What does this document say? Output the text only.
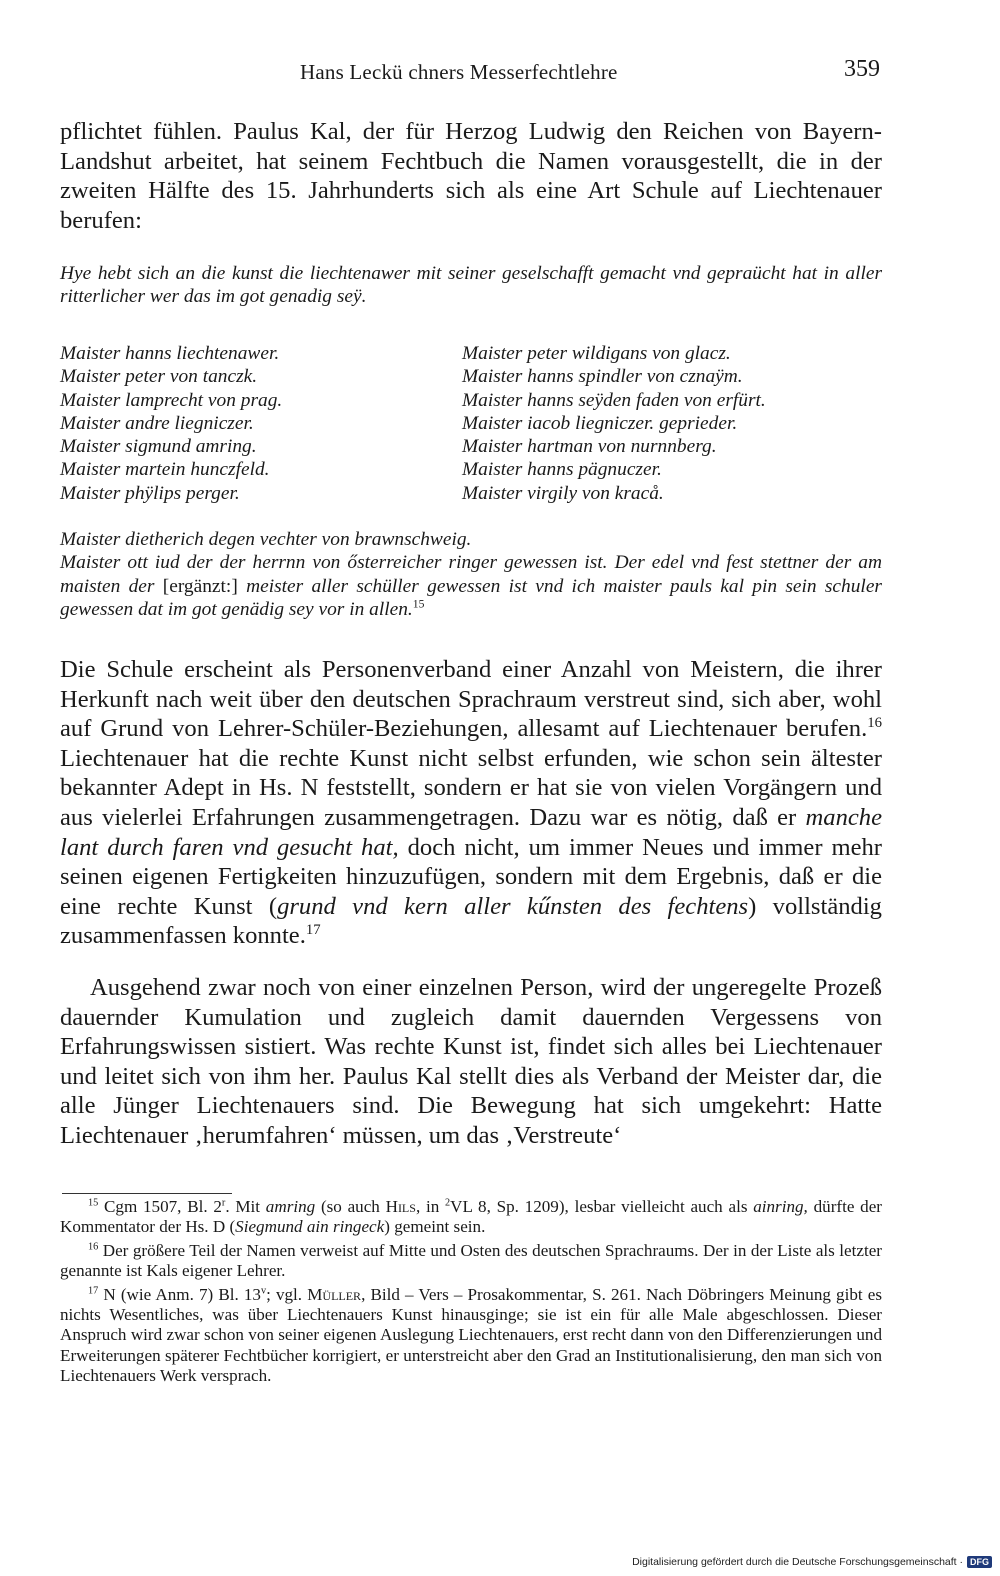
Hans Leckü chners Messerfechtlehre	359

pflichtet fühlen. Paulus Kal, der für Herzog Ludwig den Reichen von Bayern-Landshut arbeitet, hat seinem Fechtbuch die Namen vorausgestellt, die in der zweiten Hälfte des 15. Jahrhunderts sich als eine Art Schule auf Liechtenauer berufen:

Hye hebt sich an die kunst die liechtenawer mit seiner geselschafft gemacht vnd gepraücht hat in aller ritterlicher wer das im got genadig seÿ.
Maister hanns liechtenawer.	Maister peter wildigans von glacz.
Maister peter von tanczk.	Maister hanns spindler von cznaÿm.
Maister lamprecht von prag.	Maister hanns seÿden faden von erfürt.
Maister andre liegniczer.	Maister iacob liegniczer. geprieder.
Maister sigmund amring.	Maister hartman von nurnnberg.
Maister martein hunczfeld.	Maister hanns pägnuczer.
Maister phÿlips perger.	Maister virgily von kracå.
Maister dietherich degen vechter von brawnschweig.
Maister ott iud der der herrnn von ősterreicher ringer gewessen ist. Der edel vnd fest stettner der am maisten der [ergänzt:] meister aller schüller gewessen ist vnd ich maister pauls kal pin sein schuler gewessen dat im got genädig sey vor in allen.$^{15}$

Die Schule erscheint als Personenverband einer Anzahl von Meistern, die ihrer Herkunft nach weit über den deutschen Sprachraum verstreut sind, sich aber, wohl auf Grund von Lehrer-Schüler-Beziehungen, allesamt auf Liechtenauer berufen.$^{16}$ Liechtenauer hat die rechte Kunst nicht selbst erfunden, wie schon sein ältester bekannter Adept in Hs. N feststellt, sondern er hat sie von vielen Vorgängern und aus vielerlei Erfahrungen zusammengetragen. Dazu war es nötig, daß er manche lant durch faren vnd gesucht hat, doch nicht, um immer Neues und immer mehr seinen eigenen Fertigkeiten hinzuzufügen, sondern mit dem Ergebnis, daß er die eine rechte Kunst (grund vnd kern aller kűnsten des fechtens) vollständig zusammenfassen konnte.$^{17}$

Ausgehend zwar noch von einer einzelnen Person, wird der ungeregelte Prozeß dauernder Kumulation und zugleich damit dauernden Vergessens von Erfahrungswissen sistiert. Was rechte Kunst ist, findet sich alles bei Liechtenauer und leitet sich von ihm her. Paulus Kal stellt dies als Verband der Meister dar, die alle Jünger Liechtenauers sind. Die Bewegung hat sich umgekehrt: Hatte Liechtenauer ‚herumfahren‘ müssen, um das ‚Verstreute‘

$^{15}$ Cgm 1507, Bl. 2$^r$. Mit amring (so auch Hils, in $^2$VL 8, Sp. 1209), lesbar vielleicht auch als ainring, dürfte der Kommentator der Hs. D (Siegmund ain ringeck) gemeint sein.

$^{16}$ Der größere Teil der Namen verweist auf Mitte und Osten des deutschen Sprachraums. Der in der Liste als letzter genannte ist Kals eigener Lehrer.

$^{17}$ N (wie Anm. 7) Bl. 13$^v$; vgl. Müller, Bild – Vers – Prosakommentar, S. 261. Nach Döbringers Meinung gibt es nichts Wesentliches, was über Liechtenauers Kunst hinausginge; sie ist ein für alle Male abgeschlossen. Dieser Anspruch wird zwar schon von seiner eigenen Auslegung Liechtenauers, erst recht dann von den Differenzierungen und Erweiterungen späterer Fechtbücher korrigiert, er unterstreicht aber den Grad an Institutionalisierung, den man sich von Liechtenauers Werk versprach.

Digitalisierung gefördert durch die Deutsche Forschungsgemeinschaft · DFG
